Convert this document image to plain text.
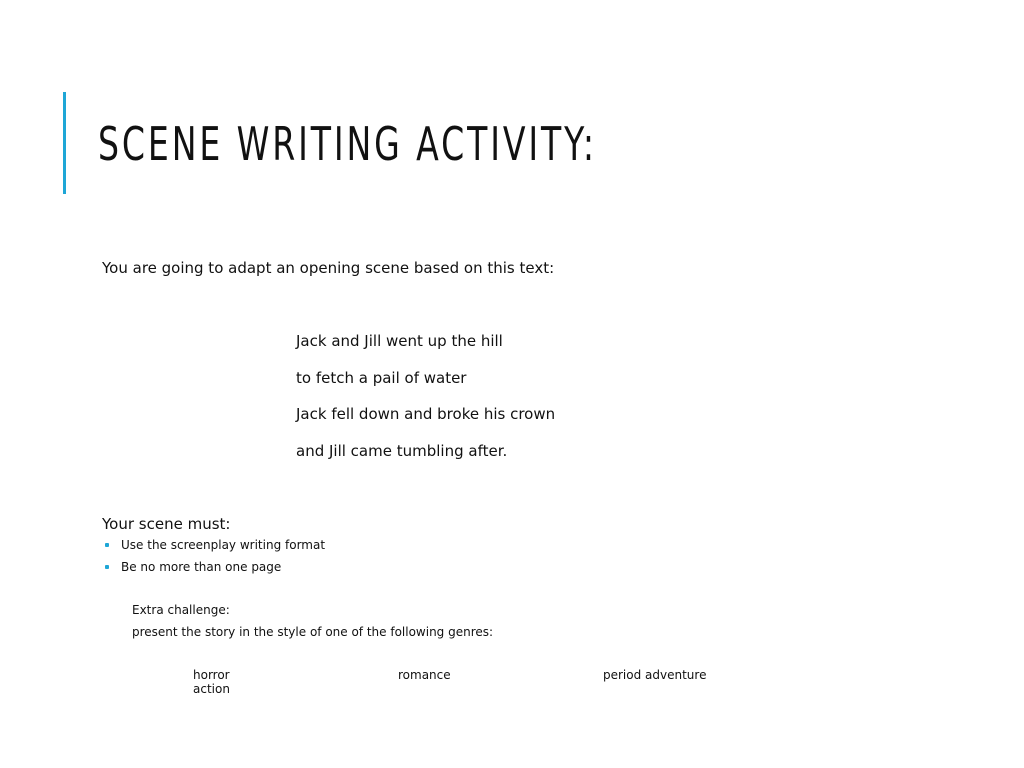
SCENE WRITING ACTIVITY:
You are going to adapt an opening scene based on this text:
Jack and Jill went up the hill
to fetch a pail of water
Jack fell down and broke his crown
and Jill came tumbling after.
Your scene must:
Use the screenplay writing format
Be no more than one page
Extra challenge:
present the story in the style of one of the following genres:
horror	romance	period adventure
action
